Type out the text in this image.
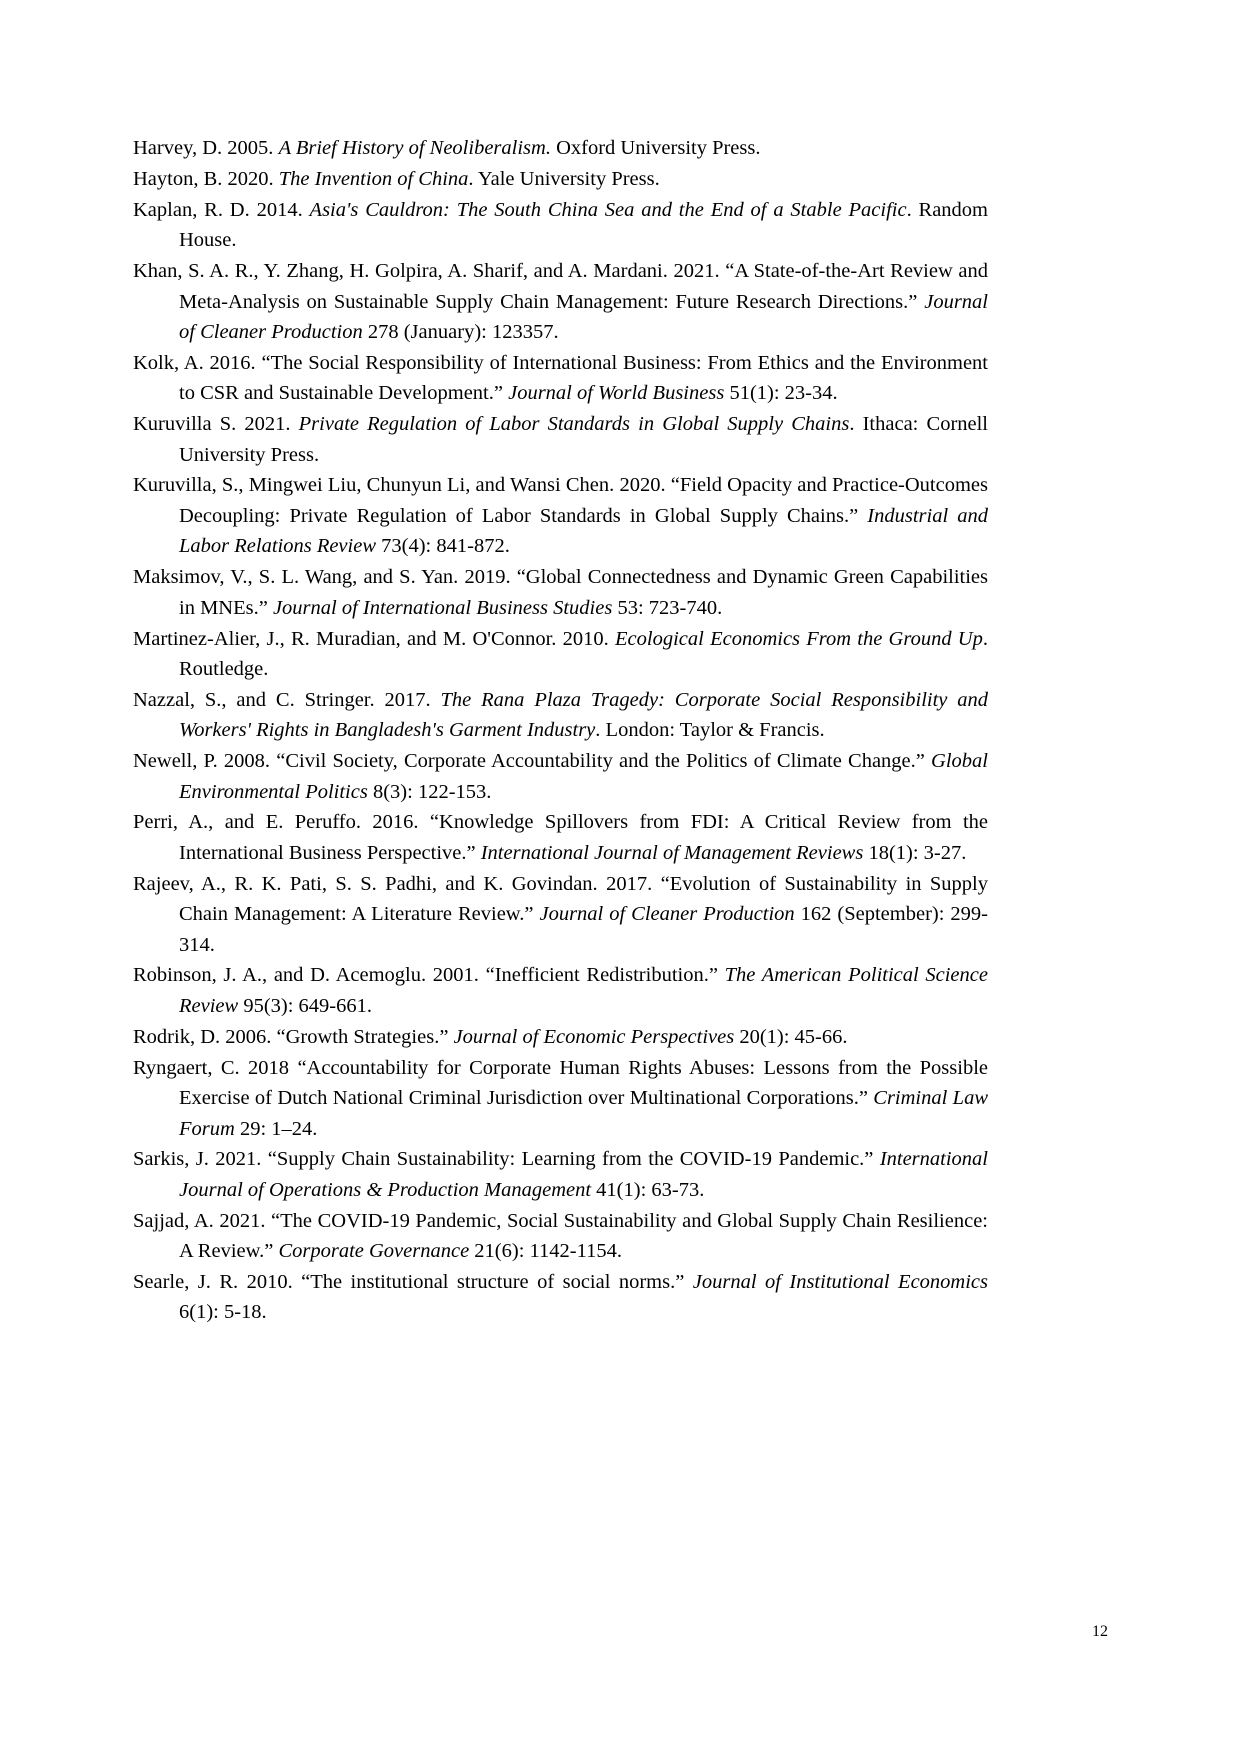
Harvey, D. 2005. A Brief History of Neoliberalism. Oxford University Press.

Hayton, B. 2020. The Invention of China. Yale University Press.

Kaplan, R. D. 2014. Asia's Cauldron: The South China Sea and the End of a Stable Pacific. Random House.

Khan, S. A. R., Y. Zhang, H. Golpira, A. Sharif, and A. Mardani. 2021. “A State-of-the-Art Review and Meta-Analysis on Sustainable Supply Chain Management: Future Research Directions.” Journal of Cleaner Production 278 (January): 123357.

Kolk, A. 2016. “The Social Responsibility of International Business: From Ethics and the Environment to CSR and Sustainable Development.” Journal of World Business 51(1): 23-34.

Kuruvilla S. 2021. Private Regulation of Labor Standards in Global Supply Chains. Ithaca: Cornell University Press.

Kuruvilla, S., Mingwei Liu, Chunyun Li, and Wansi Chen. 2020. “Field Opacity and Practice-Outcomes Decoupling: Private Regulation of Labor Standards in Global Supply Chains.” Industrial and Labor Relations Review 73(4): 841-872.

Maksimov, V., S. L. Wang, and S. Yan. 2019. “Global Connectedness and Dynamic Green Capabilities in MNEs.” Journal of International Business Studies 53: 723-740.

Martinez-Alier, J., R. Muradian, and M. O'Connor. 2010. Ecological Economics From the Ground Up. Routledge.

Nazzal, S., and C. Stringer. 2017. The Rana Plaza Tragedy: Corporate Social Responsibility and Workers' Rights in Bangladesh's Garment Industry. London: Taylor & Francis.

Newell, P. 2008. “Civil Society, Corporate Accountability and the Politics of Climate Change.” Global Environmental Politics 8(3): 122-153.

Perri, A., and E. Peruffo. 2016. “Knowledge Spillovers from FDI: A Critical Review from the International Business Perspective.” International Journal of Management Reviews 18(1): 3-27.

Rajeev, A., R. K. Pati, S. S. Padhi, and K. Govindan. 2017. “Evolution of Sustainability in Supply Chain Management: A Literature Review.” Journal of Cleaner Production 162 (September): 299-314.

Robinson, J. A., and D. Acemoglu. 2001. “Inefficient Redistribution.” The American Political Science Review 95(3): 649-661.

Rodrik, D. 2006. “Growth Strategies.” Journal of Economic Perspectives 20(1): 45-66.

Ryngaert, C. 2018 “Accountability for Corporate Human Rights Abuses: Lessons from the Possible Exercise of Dutch National Criminal Jurisdiction over Multinational Corporations.” Criminal Law Forum 29: 1–24.

Sarkis, J. 2021. “Supply Chain Sustainability: Learning from the COVID-19 Pandemic.” International Journal of Operations & Production Management 41(1): 63-73.

Sajjad, A. 2021. “The COVID-19 Pandemic, Social Sustainability and Global Supply Chain Resilience: A Review.” Corporate Governance 21(6): 1142-1154.

Searle, J. R. 2010. “The institutional structure of social norms.” Journal of Institutional Economics 6(1): 5-18.

12
